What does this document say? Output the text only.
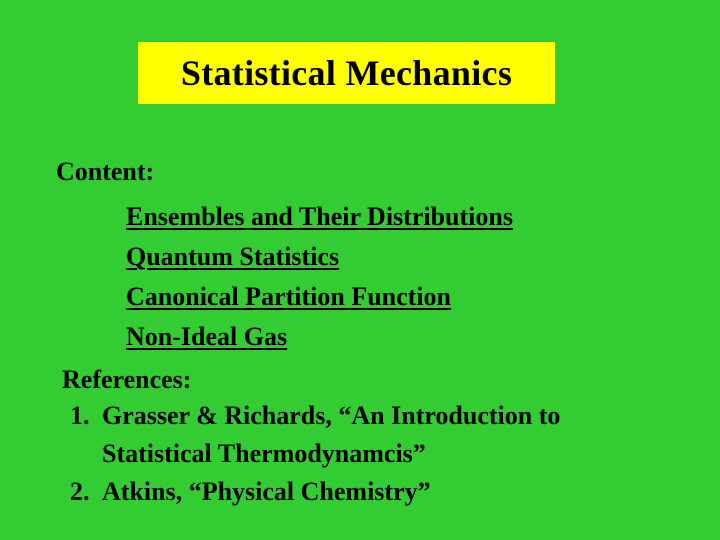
Statistical Mechanics
Content:
Ensembles and Their Distributions
Quantum Statistics
Canonical Partition Function
Non-Ideal Gas
References:
1. Grasser & Richards, “An Introduction to
Statistical Thermodynamcis”
2. Atkins, “Physical Chemistry”
